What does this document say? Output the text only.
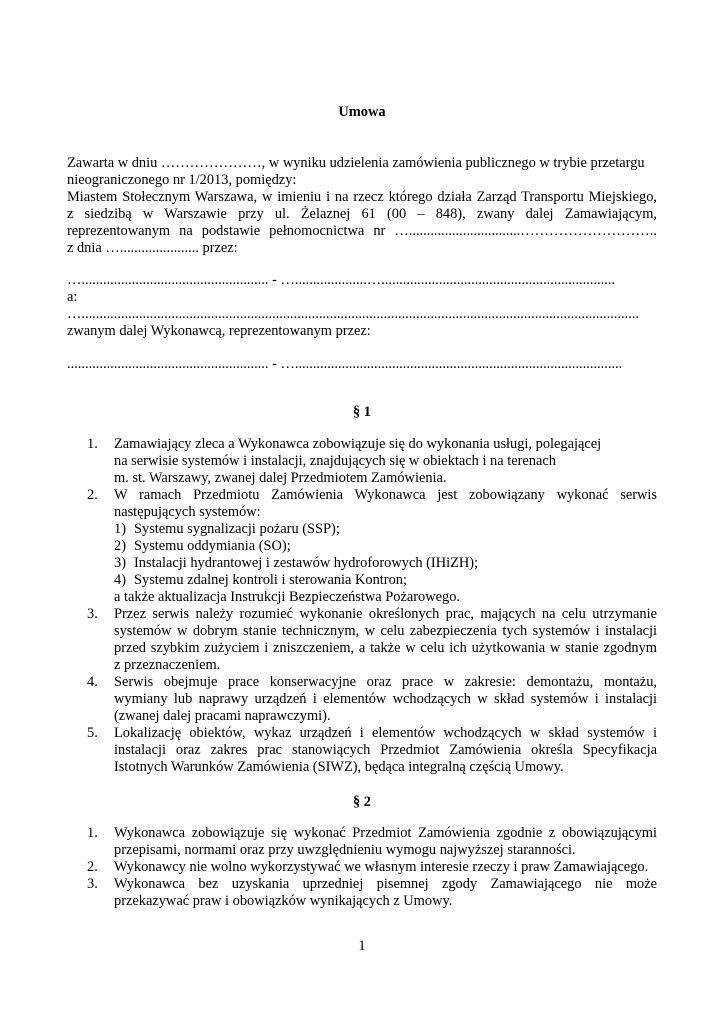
Umowa
Zawarta w dniu …………………, w wyniku udzielenia zamówienia publicznego w trybie przetargu
nieograniczonego nr 1/2013, pomiędzy:
Miastem Stołecznym Warszawa, w imieniu i na rzecz którego działa Zarząd Transportu Miejskiego,
z siedzibą w Warszawie przy ul. Żelaznej 61 (00 – 848), zwany dalej Zamawiającym,
reprezentowanym na podstawie pełnomocnictwa nr …...............................………………………..
z dnia …...................... przez:
….................................................... - …....................….................................................................
a:
…...........................................................................................................................................................
zwanym dalej Wykonawcą, reprezentowanym przez:
........................................................ - …...........................................................................................
§ 1
1. Zamawiający zleca a Wykonawca zobowiązuje się do wykonania usługi, polegającej
na serwisie systemów i instalacji, znajdujących się w obiektach i na terenach
m. st. Warszawy, zwanej dalej Przedmiotem Zamówienia.
2. W ramach Przedmiotu Zamówienia Wykonawca jest zobowiązany wykonać serwis
następujących systemów:
1) Systemu sygnalizacji pożaru (SSP);
2) Systemu oddymiania (SO);
3) Instalacji hydrantowej i zestawów hydroforowych (IHiZH);
4) Systemu zdalnej kontroli i sterowania Kontron;
a także aktualizacja Instrukcji Bezpieczeństwa Pożarowego.
3. Przez serwis należy rozumieć wykonanie określonych prac, mających na celu utrzymanie
systemów w dobrym stanie technicznym, w celu zabezpieczenia tych systemów i instalacji
przed szybkim zużyciem i zniszczeniem, a także w celu ich użytkowania w stanie zgodnym
z przeznaczeniem.
4. Serwis obejmuje prace konserwacyjne oraz prace w zakresie: demontażu, montażu,
wymiany lub naprawy urządzeń i elementów wchodzących w skład systemów i instalacji
(zwanej dalej pracami naprawczymi).
5. Lokalizację obiektów, wykaz urządzeń i elementów wchodzących w skład systemów i
instalacji oraz zakres prac stanowiących Przedmiot Zamówienia określa Specyfikacja
Istotnych Warunków Zamówienia (SIWZ), będąca integralną częścią Umowy.
§ 2
1. Wykonawca zobowiązuje się wykonać Przedmiot Zamówienia zgodnie z obowiązującymi
przepisami, normami oraz przy uwzględnieniu wymogu najwyższej staranności.
2. Wykonawcy nie wolno wykorzystywać we własnym interesie rzeczy i praw Zamawiającego.
3. Wykonawca bez uzyskania uprzedniej pisemnej zgody Zamawiającego nie może
przekazywać praw i obowiązków wynikających z Umowy.
1
